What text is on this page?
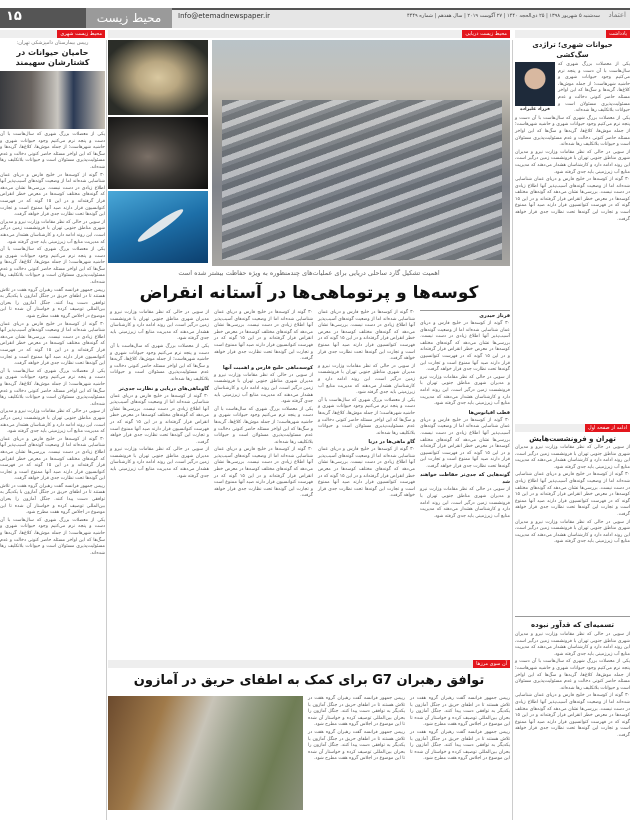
۱۵	محیط زیست	Info@etemadnewspaper.ir	سه‌شنبه ۵ شهریور ۱۳۹۸ | ۲۵ ذی‌الحجه ۱۴۴۰ | ۲۷ آگوست ۲۰۱۹ | سال هفدهم | شماره ۴۴۴۹ اعتماد
محیط زیست شهری	محیط زیست دریایی	یادداشت
رییس بیمارستان دامپزشکی تهران:
حامیان حیوانات در کشتارشان سهیمند

یکی از معضلات بزرگ شهری که سال‌هاست با آن دست و پنجه نرم می‌کنیم وجود حیوانات شهری و حاشیه شهرهاست؛ از جمله موش‌ها، کلاغ‌ها، گربه‌ها و سگ‌ها که این اواخر مسئله حاضر کنونی دخالت و عدم مسئولیت‌پذیری مسئولان است و حیوانات بلاتکلیف رها شده‌اند.

۳۰ گونه از کوسه‌ها در خلیج فارس و دریای عمان شناسایی شده‌اند اما از وضعیت گونه‌های آسیب‌پذیر آنها اطلاع زیادی در دست نیست. بررسی‌ها نشان می‌دهد که گونه‌های مختلف کوسه‌ها در معرض خطر انقراض قرار گرفته‌اند و در این ۱۵ گونه که در فهرست کنوانسیون قرار دارند صید آنها ممنوع است و تجارت این گونه‌ها تحت نظارت جدی قرار خواهد گرفت.

از سویی در حالی که نظر مقامات وزارت نیرو و مدیران شهری مناطق جنوبی تهران با فرونشست زمین درگیر است، این روند ادامه دارد و کارشناسان هشدار می‌دهند که مدیریت منابع آب زیرزمینی باید جدی گرفته شود.

یکی از معضلات بزرگ شهری که سال‌هاست با آن دست و پنجه نرم می‌کنیم وجود حیوانات شهری و حاشیه شهرهاست؛ از جمله موش‌ها، کلاغ‌ها، گربه‌ها و سگ‌ها که این اواخر مسئله حاضر کنونی دخالت و عدم مسئولیت‌پذیری مسئولان است و حیوانات بلاتکلیف رها شده‌اند.

رییس جمهور فرانسه گفت رهبران گروه هفت در تلاش هستند تا در اطفای حریق در جنگل آمازون با یکدیگر به توافقی دست پیدا کنند. جنگل آمازون را بحران بین‌المللی توصیف کرده و خواستار آن شده تا این موضوع در اجلاس گروه هفت مطرح شود.

۳۰ گونه از کوسه‌ها در خلیج فارس و دریای عمان شناسایی شده‌اند اما از وضعیت گونه‌های آسیب‌پذیر آنها اطلاع زیادی در دست نیست. بررسی‌ها نشان می‌دهد که گونه‌های مختلف کوسه‌ها در معرض خطر انقراض قرار گرفته‌اند و در این ۱۵ گونه که در فهرست کنوانسیون قرار دارند صید آنها ممنوع است و تجارت این گونه‌ها تحت نظارت جدی قرار خواهد گرفت.

یکی از معضلات بزرگ شهری که سال‌هاست با آن دست و پنجه نرم می‌کنیم وجود حیوانات شهری و حاشیه شهرهاست؛ از جمله موش‌ها، کلاغ‌ها، گربه‌ها و سگ‌ها که این اواخر مسئله حاضر کنونی دخالت و عدم مسئولیت‌پذیری مسئولان است و حیوانات بلاتکلیف رها شده‌اند.

از سویی در حالی که نظر مقامات وزارت نیرو و مدیران شهری مناطق جنوبی تهران با فرونشست زمین درگیر است، این روند ادامه دارد و کارشناسان هشدار می‌دهند که مدیریت منابع آب زیرزمینی باید جدی گرفته شود.

۳۰ گونه از کوسه‌ها در خلیج فارس و دریای عمان شناسایی شده‌اند اما از وضعیت گونه‌های آسیب‌پذیر آنها اطلاع زیادی در دست نیست. بررسی‌ها نشان می‌دهد که گونه‌های مختلف کوسه‌ها در معرض خطر انقراض قرار گرفته‌اند و در این ۱۵ گونه که در فهرست کنوانسیون قرار دارند صید آنها ممنوع است و تجارت این گونه‌ها تحت نظارت جدی قرار خواهد گرفت.

رییس جمهور فرانسه گفت رهبران گروه هفت در تلاش هستند تا در اطفای حریق در جنگل آمازون با یکدیگر به توافقی دست پیدا کنند. جنگل آمازون را بحران بین‌المللی توصیف کرده و خواستار آن شده تا این موضوع در اجلاس گروه هفت مطرح شود.

یکی از معضلات بزرگ شهری که سال‌هاست با آن دست و پنجه نرم می‌کنیم وجود حیوانات شهری و حاشیه شهرهاست؛ از جمله موش‌ها، کلاغ‌ها، گربه‌ها و سگ‌ها که این اواخر مسئله حاضر کنونی دخالت و عدم مسئولیت‌پذیری مسئولان است و حیوانات بلاتکلیف رها شده‌اند.

اهمیت تشکیل گارد ساحلی دریایی برای عملیات‌های چندمنظوره به ویژه حفاظت بیشتر شده است
کوسه‌ها و پرتوماهی‌ها در آستانه انقراض
فرناز حیدری

۳۰ گونه از کوسه‌ها در خلیج فارس و دریای عمان شناسایی شده‌اند اما از وضعیت گونه‌های آسیب‌پذیر آنها اطلاع زیادی در دست نیست. بررسی‌ها نشان می‌دهد که گونه‌های مختلف کوسه‌ها در معرض خطر انقراض قرار گرفته‌اند و در این ۱۵ گونه که در فهرست کنوانسیون قرار دارند صید آنها ممنوع است و تجارت این گونه‌ها تحت نظارت جدی قرار خواهد گرفت.

از سویی در حالی که نظر مقامات وزارت نیرو و مدیران شهری مناطق جنوبی تهران با فرونشست زمین درگیر است، این روند ادامه دارد و کارشناسان هشدار می‌دهند که مدیریت منابع آب زیرزمینی باید جدی گرفته شود.

قطب اقیانوس‌ها

۳۰ گونه از کوسه‌ها در خلیج فارس و دریای عمان شناسایی شده‌اند اما از وضعیت گونه‌های آسیب‌پذیر آنها اطلاع زیادی در دست نیست. بررسی‌ها نشان می‌دهد که گونه‌های مختلف کوسه‌ها در معرض خطر انقراض قرار گرفته‌اند و در این ۱۵ گونه که در فهرست کنوانسیون قرار دارند صید آنها ممنوع است و تجارت این گونه‌ها تحت نظارت جدی قرار خواهد گرفت.

گونه‌هایی که جدی‌تر حفاظت خواهند شد

از سویی در حالی که نظر مقامات وزارت نیرو و مدیران شهری مناطق جنوبی تهران با فرونشست زمین درگیر است، این روند ادامه دارد و کارشناسان هشدار می‌دهند که مدیریت منابع آب زیرزمینی باید جدی گرفته شود.

۳۰ گونه از کوسه‌ها در خلیج فارس و دریای عمان شناسایی شده‌اند اما از وضعیت گونه‌های آسیب‌پذیر آنها اطلاع زیادی در دست نیست. بررسی‌ها نشان می‌دهد که گونه‌های مختلف کوسه‌ها در معرض خطر انقراض قرار گرفته‌اند و در این ۱۵ گونه که در فهرست کنوانسیون قرار دارند صید آنها ممنوع است و تجارت این گونه‌ها تحت نظارت جدی قرار خواهد گرفت.

از سویی در حالی که نظر مقامات وزارت نیرو و مدیران شهری مناطق جنوبی تهران با فرونشست زمین درگیر است، این روند ادامه دارد و کارشناسان هشدار می‌دهند که مدیریت منابع آب زیرزمینی باید جدی گرفته شود.

یکی از معضلات بزرگ شهری که سال‌هاست با آن دست و پنجه نرم می‌کنیم وجود حیوانات شهری و حاشیه شهرهاست؛ از جمله موش‌ها، کلاغ‌ها، گربه‌ها و سگ‌ها که این اواخر مسئله حاضر کنونی دخالت و عدم مسئولیت‌پذیری مسئولان است و حیوانات بلاتکلیف رها شده‌اند.

گاو ماهی‌ها در دریا

۳۰ گونه از کوسه‌ها در خلیج فارس و دریای عمان شناسایی شده‌اند اما از وضعیت گونه‌های آسیب‌پذیر آنها اطلاع زیادی در دست نیست. بررسی‌ها نشان می‌دهد که گونه‌های مختلف کوسه‌ها در معرض خطر انقراض قرار گرفته‌اند و در این ۱۵ گونه که در فهرست کنوانسیون قرار دارند صید آنها ممنوع است و تجارت این گونه‌ها تحت نظارت جدی قرار خواهد گرفت.

۳۰ گونه از کوسه‌ها در خلیج فارس و دریای عمان شناسایی شده‌اند اما از وضعیت گونه‌های آسیب‌پذیر آنها اطلاع زیادی در دست نیست. بررسی‌ها نشان می‌دهد که گونه‌های مختلف کوسه‌ها در معرض خطر انقراض قرار گرفته‌اند و در این ۱۵ گونه که در فهرست کنوانسیون قرار دارند صید آنها ممنوع است و تجارت این گونه‌ها تحت نظارت جدی قرار خواهد گرفت.

کوسه‌ماهی خلیج فارس و اهمیت آنها

از سویی در حالی که نظر مقامات وزارت نیرو و مدیران شهری مناطق جنوبی تهران با فرونشست زمین درگیر است، این روند ادامه دارد و کارشناسان هشدار می‌دهند که مدیریت منابع آب زیرزمینی باید جدی گرفته شود.

یکی از معضلات بزرگ شهری که سال‌هاست با آن دست و پنجه نرم می‌کنیم وجود حیوانات شهری و حاشیه شهرهاست؛ از جمله موش‌ها، کلاغ‌ها، گربه‌ها و سگ‌ها که این اواخر مسئله حاضر کنونی دخالت و عدم مسئولیت‌پذیری مسئولان است و حیوانات بلاتکلیف رها شده‌اند.

۳۰ گونه از کوسه‌ها در خلیج فارس و دریای عمان شناسایی شده‌اند اما از وضعیت گونه‌های آسیب‌پذیر آنها اطلاع زیادی در دست نیست. بررسی‌ها نشان می‌دهد که گونه‌های مختلف کوسه‌ها در معرض خطر انقراض قرار گرفته‌اند و در این ۱۵ گونه که در فهرست کنوانسیون قرار دارند صید آنها ممنوع است و تجارت این گونه‌ها تحت نظارت جدی قرار خواهد گرفت.

از سویی در حالی که نظر مقامات وزارت نیرو و مدیران شهری مناطق جنوبی تهران با فرونشست زمین درگیر است، این روند ادامه دارد و کارشناسان هشدار می‌دهند که مدیریت منابع آب زیرزمینی باید جدی گرفته شود.

یکی از معضلات بزرگ شهری که سال‌هاست با آن دست و پنجه نرم می‌کنیم وجود حیوانات شهری و حاشیه شهرهاست؛ از جمله موش‌ها، کلاغ‌ها، گربه‌ها و سگ‌ها که این اواخر مسئله حاضر کنونی دخالت و عدم مسئولیت‌پذیری مسئولان است و حیوانات بلاتکلیف رها شده‌اند.

گاوماهی‌های دریایی و نظارت جدی‌تر

۳۰ گونه از کوسه‌ها در خلیج فارس و دریای عمان شناسایی شده‌اند اما از وضعیت گونه‌های آسیب‌پذیر آنها اطلاع زیادی در دست نیست. بررسی‌ها نشان می‌دهد که گونه‌های مختلف کوسه‌ها در معرض خطر انقراض قرار گرفته‌اند و در این ۱۵ گونه که در فهرست کنوانسیون قرار دارند صید آنها ممنوع است و تجارت این گونه‌ها تحت نظارت جدی قرار خواهد گرفت.

از سویی در حالی که نظر مقامات وزارت نیرو و مدیران شهری مناطق جنوبی تهران با فرونشست زمین درگیر است، این روند ادامه دارد و کارشناسان هشدار می‌دهند که مدیریت منابع آب زیرزمینی باید جدی گرفته شود.

آن سوی مرزها
توافق رهبران G7 برای کمک به اطفای حریق در آمازون

رییس جمهور فرانسه گفت رهبران گروه هفت در تلاش هستند تا در اطفای حریق در جنگل آمازون با یکدیگر به توافقی دست پیدا کنند. جنگل آمازون را بحران بین‌المللی توصیف کرده و خواستار آن شده تا این موضوع در اجلاس گروه هفت مطرح شود.

رییس جمهور فرانسه گفت رهبران گروه هفت در تلاش هستند تا در اطفای حریق در جنگل آمازون با یکدیگر به توافقی دست پیدا کنند. جنگل آمازون را بحران بین‌المللی توصیف کرده و خواستار آن شده تا این موضوع در اجلاس گروه هفت مطرح شود.

رییس جمهور فرانسه گفت رهبران گروه هفت در تلاش هستند تا در اطفای حریق در جنگل آمازون با یکدیگر به توافقی دست پیدا کنند. جنگل آمازون را بحران بین‌المللی توصیف کرده و خواستار آن شده تا این موضوع در اجلاس گروه هفت مطرح شود.

رییس جمهور فرانسه گفت رهبران گروه هفت در تلاش هستند تا در اطفای حریق در جنگل آمازون با یکدیگر به توافقی دست پیدا کنند. جنگل آمازون را بحران بین‌المللی توصیف کرده و خواستار آن شده تا این موضوع در اجلاس گروه هفت مطرح شود.

حیوانات شهری؛ تراژدی سگ‌کشی
یکی از معضلات بزرگ شهری که سال‌هاست با آن دست و پنجه نرم می‌کنیم وجود حیوانات شهری و حاشیه شهرهاست؛ از جمله موش‌ها، کلاغ‌ها، گربه‌ها و سگ‌ها که این اواخر مسئله حاضر کنونی دخالت و عدم مسئولیت‌پذیری مسئولان است و حیوانات بلاتکلیف رها شده‌اند.
فرزاد علیزاده

یکی از معضلات بزرگ شهری که سال‌هاست با آن دست و پنجه نرم می‌کنیم وجود حیوانات شهری و حاشیه شهرهاست؛ از جمله موش‌ها، کلاغ‌ها، گربه‌ها و سگ‌ها که این اواخر مسئله حاضر کنونی دخالت و عدم مسئولیت‌پذیری مسئولان است و حیوانات بلاتکلیف رها شده‌اند.

از سویی در حالی که نظر مقامات وزارت نیرو و مدیران شهری مناطق جنوبی تهران با فرونشست زمین درگیر است، این روند ادامه دارد و کارشناسان هشدار می‌دهند که مدیریت منابع آب زیرزمینی باید جدی گرفته شود.

۳۰ گونه از کوسه‌ها در خلیج فارس و دریای عمان شناسایی شده‌اند اما از وضعیت گونه‌های آسیب‌پذیر آنها اطلاع زیادی در دست نیست. بررسی‌ها نشان می‌دهد که گونه‌های مختلف کوسه‌ها در معرض خطر انقراض قرار گرفته‌اند و در این ۱۵ گونه که در فهرست کنوانسیون قرار دارند صید آنها ممنوع است و تجارت این گونه‌ها تحت نظارت جدی قرار خواهد گرفت.

ادامه از صفحه اول
تهران و فرونشست‌هایش

از سویی در حالی که نظر مقامات وزارت نیرو و مدیران شهری مناطق جنوبی تهران با فرونشست زمین درگیر است، این روند ادامه دارد و کارشناسان هشدار می‌دهند که مدیریت منابع آب زیرزمینی باید جدی گرفته شود.

۳۰ گونه از کوسه‌ها در خلیج فارس و دریای عمان شناسایی شده‌اند اما از وضعیت گونه‌های آسیب‌پذیر آنها اطلاع زیادی در دست نیست. بررسی‌ها نشان می‌دهد که گونه‌های مختلف کوسه‌ها در معرض خطر انقراض قرار گرفته‌اند و در این ۱۵ گونه که در فهرست کنوانسیون قرار دارند صید آنها ممنوع است و تجارت این گونه‌ها تحت نظارت جدی قرار خواهد گرفت.

از سویی در حالی که نظر مقامات وزارت نیرو و مدیران شهری مناطق جنوبی تهران با فرونشست زمین درگیر است، این روند ادامه دارد و کارشناسان هشدار می‌دهند که مدیریت منابع آب زیرزمینی باید جدی گرفته شود.

تسمیه‌ای که قدآور نبوده

از سویی در حالی که نظر مقامات وزارت نیرو و مدیران شهری مناطق جنوبی تهران با فرونشست زمین درگیر است، این روند ادامه دارد و کارشناسان هشدار می‌دهند که مدیریت منابع آب زیرزمینی باید جدی گرفته شود.

یکی از معضلات بزرگ شهری که سال‌هاست با آن دست و پنجه نرم می‌کنیم وجود حیوانات شهری و حاشیه شهرهاست؛ از جمله موش‌ها، کلاغ‌ها، گربه‌ها و سگ‌ها که این اواخر مسئله حاضر کنونی دخالت و عدم مسئولیت‌پذیری مسئولان است و حیوانات بلاتکلیف رها شده‌اند.

۳۰ گونه از کوسه‌ها در خلیج فارس و دریای عمان شناسایی شده‌اند اما از وضعیت گونه‌های آسیب‌پذیر آنها اطلاع زیادی در دست نیست. بررسی‌ها نشان می‌دهد که گونه‌های مختلف کوسه‌ها در معرض خطر انقراض قرار گرفته‌اند و در این ۱۵ گونه که در فهرست کنوانسیون قرار دارند صید آنها ممنوع است و تجارت این گونه‌ها تحت نظارت جدی قرار خواهد گرفت.
